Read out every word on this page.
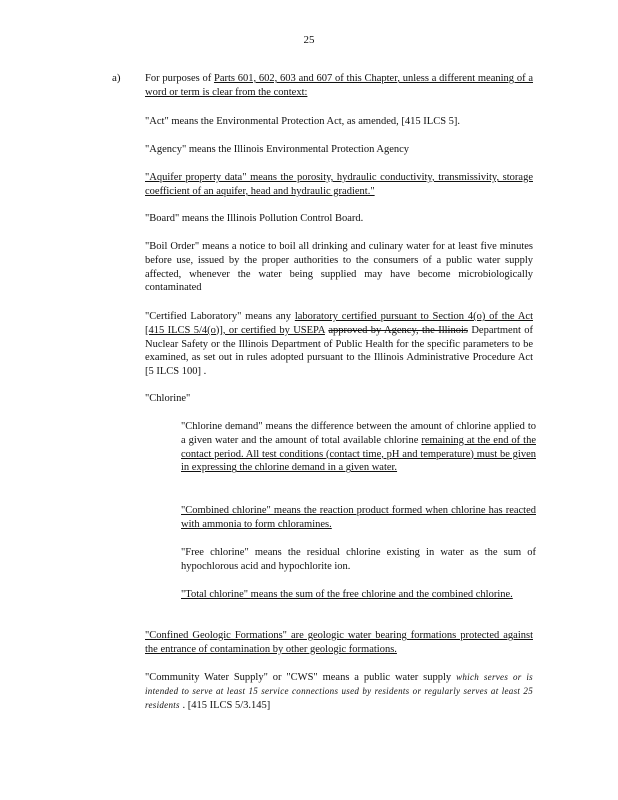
25
a) For purposes of Parts 601, 602, 603 and 607 of this Chapter, unless a different meaning of a word or term is clear from the context:
"Act" means the Environmental Protection Act, as amended, [415 ILCS 5].
"Agency" means the Illinois Environmental Protection Agency
"Aquifer property data" means the porosity, hydraulic conductivity, transmissivity, storage coefficient of an aquifer, head and hydraulic gradient."
"Board" means the Illinois Pollution Control Board.
"Boil Order" means a notice to boil all drinking and culinary water for at least five minutes before use, issued by the proper authorities to the consumers of a public water supply affected, whenever the water being supplied may have become microbiologically contaminated
"Certified Laboratory" means any laboratory certified pursuant to Section 4(o) of the Act [415 ILCS 5/4(o)], or certified by USEPA approved by Agency, the Illinois Department of Nuclear Safety or the Illinois Department of Public Health for the specific parameters to be examined, as set out in rules adopted pursuant to the Illinois Administrative Procedure Act [5 ILCS 100] .
"Chlorine"
"Chlorine demand" means the difference between the amount of chlorine applied to a given water and the amount of total available chlorine remaining at the end of the contact period. All test conditions (contact time, pH and temperature) must be given in expressing the chlorine demand in a given water.
"Combined chlorine" means the reaction product formed when chlorine has reacted with ammonia to form chloramines.
"Free chlorine" means the residual chlorine existing in water as the sum of hypochlorous acid and hypochlorite ion.
"Total chlorine" means the sum of the free chlorine and the combined chlorine.
"Confined Geologic Formations" are geologic water bearing formations protected against the entrance of contamination by other geologic formations.
"Community Water Supply" or "CWS" means a public water supply which serves or is intended to serve at least 15 service connections used by residents or regularly serves at least 25 residents . [415 ILCS 5/3.145]
